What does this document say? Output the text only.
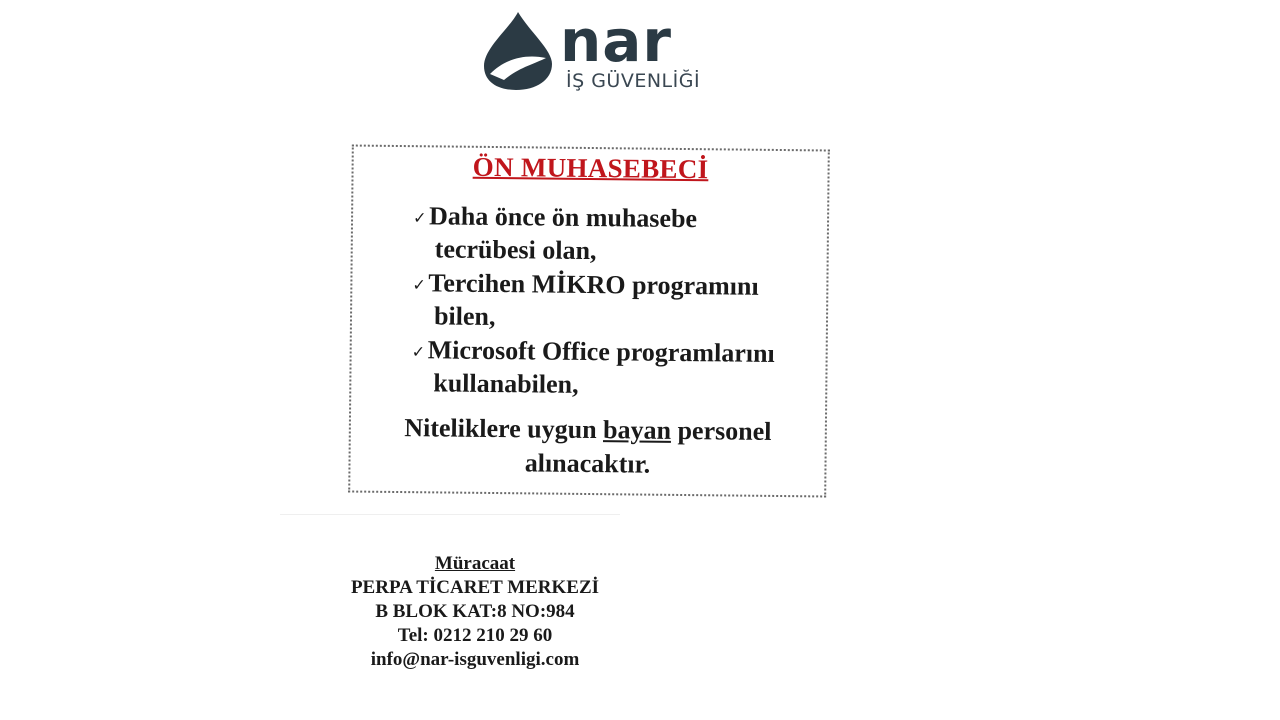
nar
İŞ GÜVENLİĞİ
ÖN MUHASEBECİ
✓ Daha önce ön muhasebe
tecrübesi olan,
✓ Tercihen MİKRO programını
bilen,
✓ Microsoft Office programlarını
kullanabilen,
Niteliklere uygun bayan personel
alınacaktır.
Müracaat
PERPA TİCARET MERKEZİ
B BLOK KAT:8 NO:984
Tel: 0212 210 29 60
info@nar-isguvenligi.com
